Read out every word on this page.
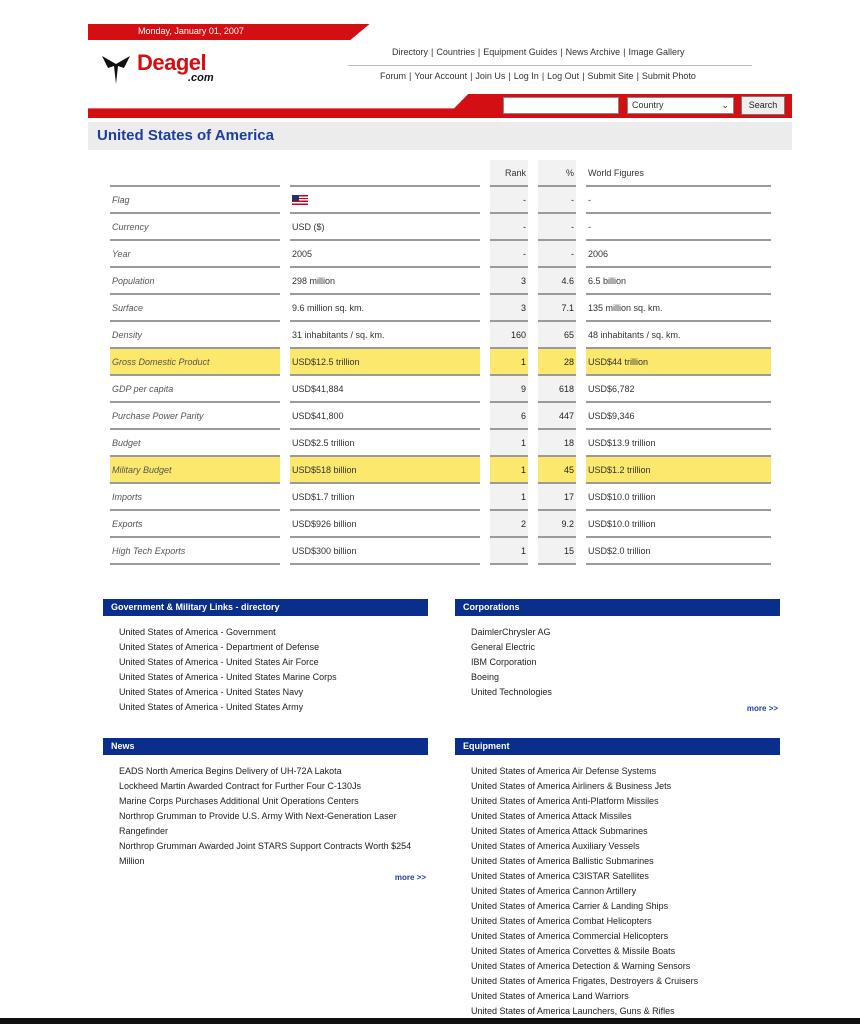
Monday, January 01, 2007
Deagel
.com
Directory | Countries | Equipment Guides | News Archive | Image Gallery
Forum | Your Account | Join Us | Log In | Log Out | Submit Site | Submit Photo
Country	⌄	Search
United States of America
		Rank	%	World Figures
Flag		-	-	-
Currency	USD ($)	-	-	-
Year	2005	-	-	2006
Population	298 million	3	4.6	6.5 billion
Surface	9.6 million sq. km.	3	7.1	135 million sq. km.
Density	31 inhabitants / sq. km.	160	65	48 inhabitants / sq. km.
Gross Domestic Product	USD$12.5 trillion	1	28	USD$44 trillion
GDP per capita	USD$41,884	9	618	USD$6,782
Purchase Power Parity	USD$41,800	6	447	USD$9,346
Budget	USD$2.5 trillion	1	18	USD$13.9 trillion
Military Budget	USD$518 billion	1	45	USD$1.2 trillion
Imports	USD$1.7 trillion	1	17	USD$10.0 trillion
Exports	USD$926 billion	2	9.2	USD$10.0 trillion
High Tech Exports	USD$300 billion	1	15	USD$2.0 trillion
Government & Military Links - directory
United States of America - Government
United States of America - Department of Defense
United States of America - United States Air Force
United States of America - United States Marine Corps
United States of America - United States Navy
United States of America - United States Army
Corporations
DaimlerChrysler AG
General Electric
IBM Corporation
Boeing
United Technologies
more >>
News
EADS North America Begins Delivery of UH-72A Lakota
Lockheed Martin Awarded Contract for Further Four C-130Js
Marine Corps Purchases Additional Unit Operations Centers
Northrop Grumman to Provide U.S. Army With Next-Generation Laser Rangefinder
Northrop Grumman Awarded Joint STARS Support Contracts Worth $254 Million
more >>
Equipment
United States of America Air Defense Systems
United States of America Airliners & Business Jets
United States of America Anti-Platform Missiles
United States of America Attack Missiles
United States of America Attack Submarines
United States of America Auxiliary Vessels
United States of America Ballistic Submarines
United States of America C3ISTAR Satellites
United States of America Cannon Artillery
United States of America Carrier & Landing Ships
United States of America Combat Helicopters
United States of America Commercial Helicopters
United States of America Corvettes & Missile Boats
United States of America Detection & Warning Sensors
United States of America Frigates, Destroyers & Cruisers
United States of America Land Warriors
United States of America Launchers, Guns & Rifles
